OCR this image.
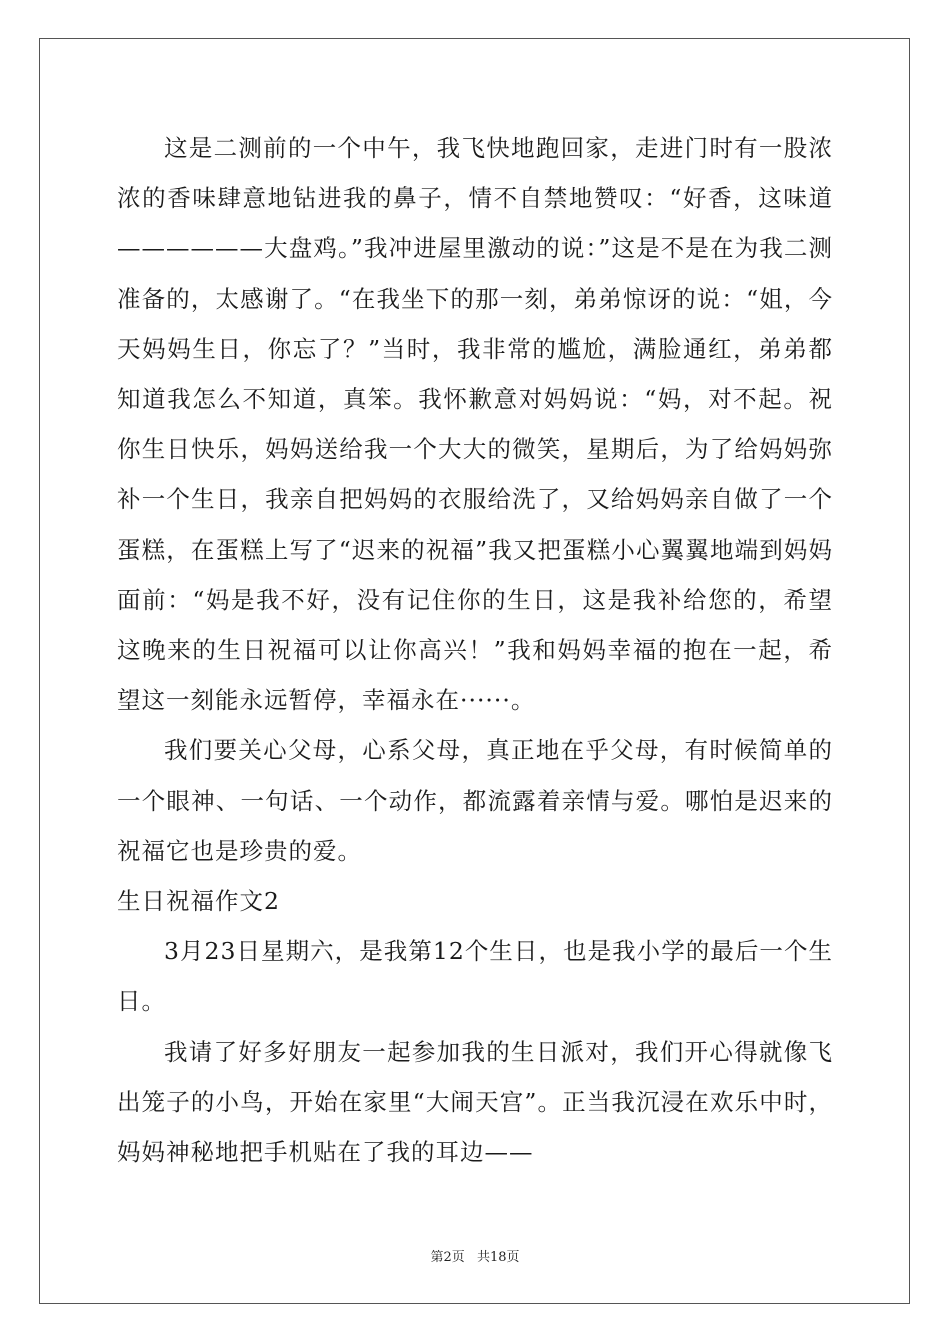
这是二测前的一个中午，我飞快地跑回家，走进门时有一股浓浓的香味肆意地钻进我的鼻子，情不自禁地赞叹：“好香，这味道——————大盘鸡。”我冲进屋里激动的说：”这是不是在为我二测准备的，太感谢了。“在我坐下的那一刻，弟弟惊讶的说：“姐，今天妈妈生日，你忘了？”当时，我非常的尴尬，满脸通红，弟弟都知道我怎么不知道，真笨。我怀歉意对妈妈说：“妈，对不起。祝你生日快乐，妈妈送给我一个大大的微笑，星期后，为了给妈妈弥补一个生日，我亲自把妈妈的衣服给洗了，又给妈妈亲自做了一个蛋糕，在蛋糕上写了“迟来的祝福”我又把蛋糕小心翼翼地端到妈妈面前：“妈是我不好，没有记住你的生日，这是我补给您的，希望这晚来的生日祝福可以让你高兴！”我和妈妈幸福的抱在一起，希望这一刻能永远暂停，幸福永在······。

我们要关心父母，心系父母，真正地在乎父母，有时候简单的一个眼神、一句话、一个动作，都流露着亲情与爱。哪怕是迟来的祝福它也是珍贵的爱。

生日祝福作文2

3月23日星期六，是我第12个生日，也是我小学的最后一个生日。

我请了好多好朋友一起参加我的生日派对，我们开心得就像飞出笼子的小鸟，开始在家里“大闹天宫”。正当我沉浸在欢乐中时，妈妈神秘地把手机贴在了我的耳边——

第2页 共18页
